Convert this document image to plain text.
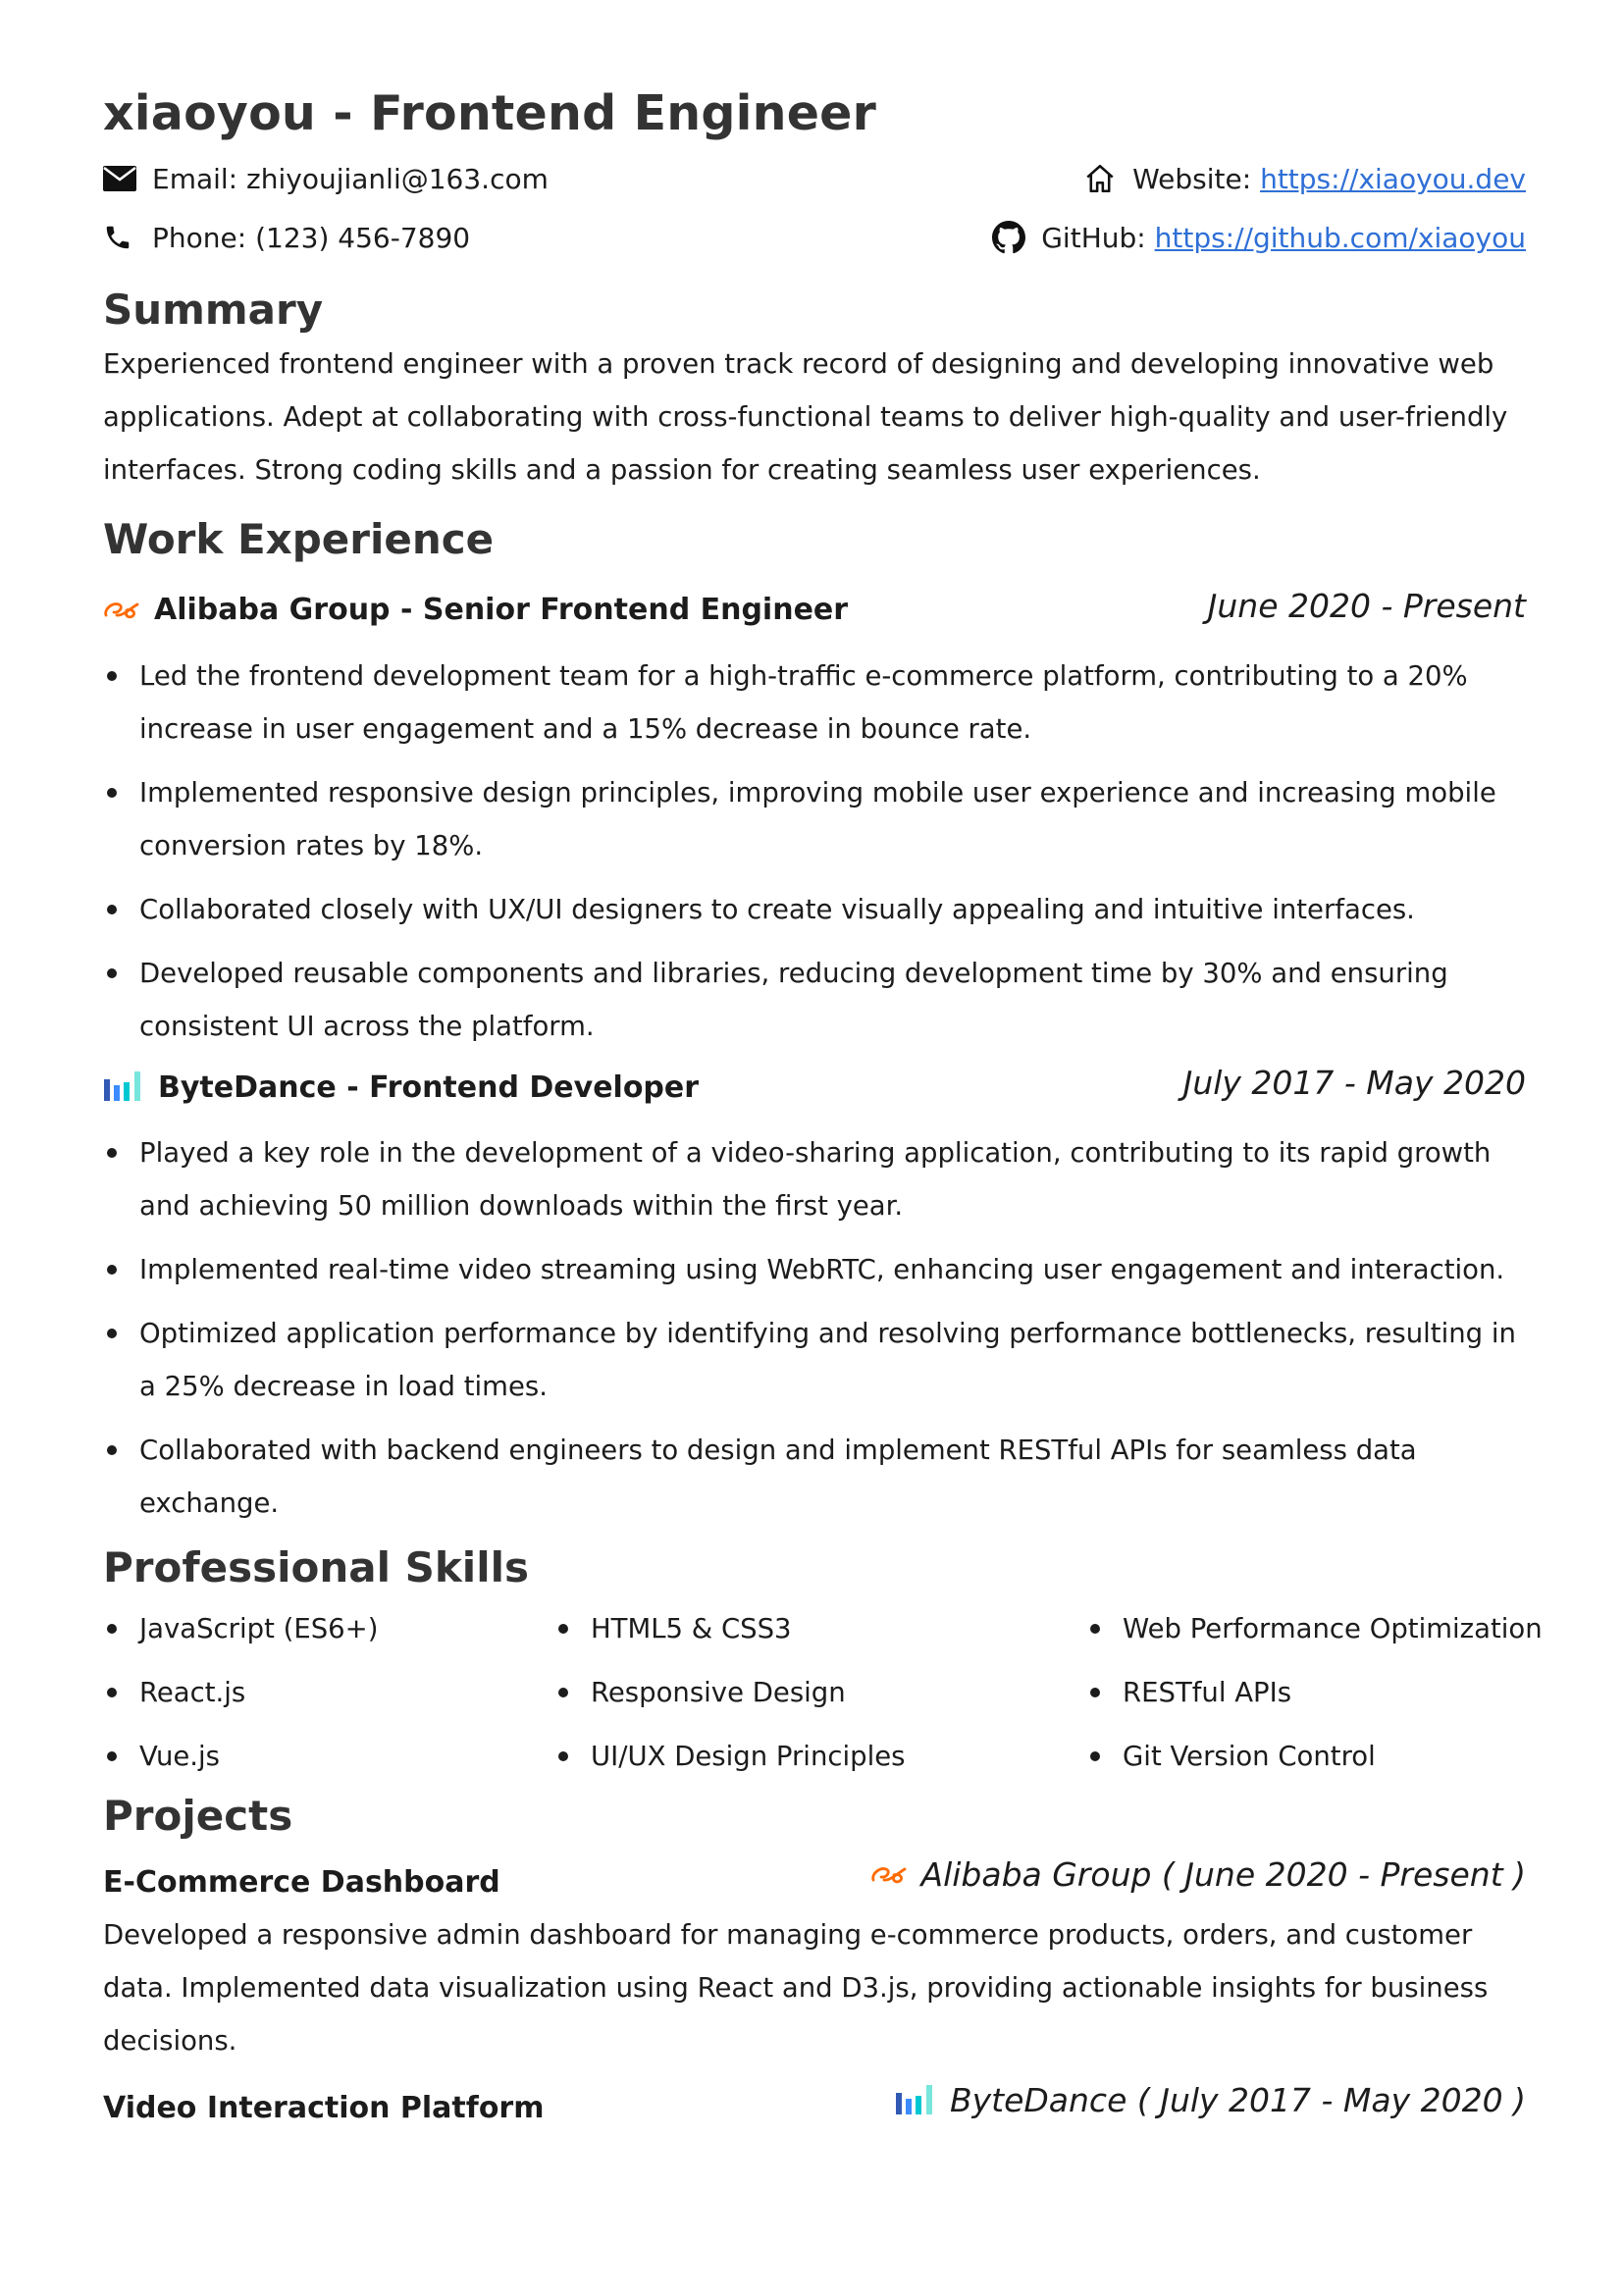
xiaoyou - Frontend Engineer
Email:
zhiyoujianli@163.com
Phone:
(123) 456-7890
Website:
https://xiaoyou.dev
GitHub:
https://github.com/xiaoyou
Summary

Experienced frontend engineer with a proven track record of designing and developing innovative web applications. Adept at collaborating with cross-functional teams to deliver high-quality and user-friendly interfaces. Strong coding skills and a passion for creating seamless user experiences.

Work Experience
Alibaba Group - Senior Frontend Engineer	June 2020 - Present
Led the frontend development team for a high-traffic e-commerce platform, contributing to a 20% increase in user engagement and a 15% decrease in bounce rate.
Implemented responsive design principles, improving mobile user experience and increasing mobile conversion rates by 18%.
Collaborated closely with UX/UI designers to create visually appealing and intuitive interfaces.
Developed reusable components and libraries, reducing development time by 30% and ensuring consistent UI across the platform.
ByteDance - Frontend Developer	July 2017 - May 2020
Played a key role in the development of a video-sharing application, contributing to its rapid growth and achieving 50 million downloads within the first year.
Implemented real-time video streaming using WebRTC, enhancing user engagement and interaction.
Optimized application performance by identifying and resolving performance bottlenecks, resulting in a 25% decrease in load times.
Collaborated with backend engineers to design and implement RESTful APIs for seamless data exchange.
Professional Skills
JavaScript (ES6+)	HTML5 & CSS3	Web Performance Optimization
React.js	Responsive Design	RESTful APIs
Vue.js	UI/UX Design Principles	Git Version Control
Projects
E-Commerce Dashboard	Alibaba Group ( June 2020 - Present )

Developed a responsive admin dashboard for managing e-commerce products, orders, and customer data. Implemented data visualization using React and D3.js, providing actionable insights for business decisions.

Video Interaction Platform	ByteDance ( July 2017 - May 2020 )
